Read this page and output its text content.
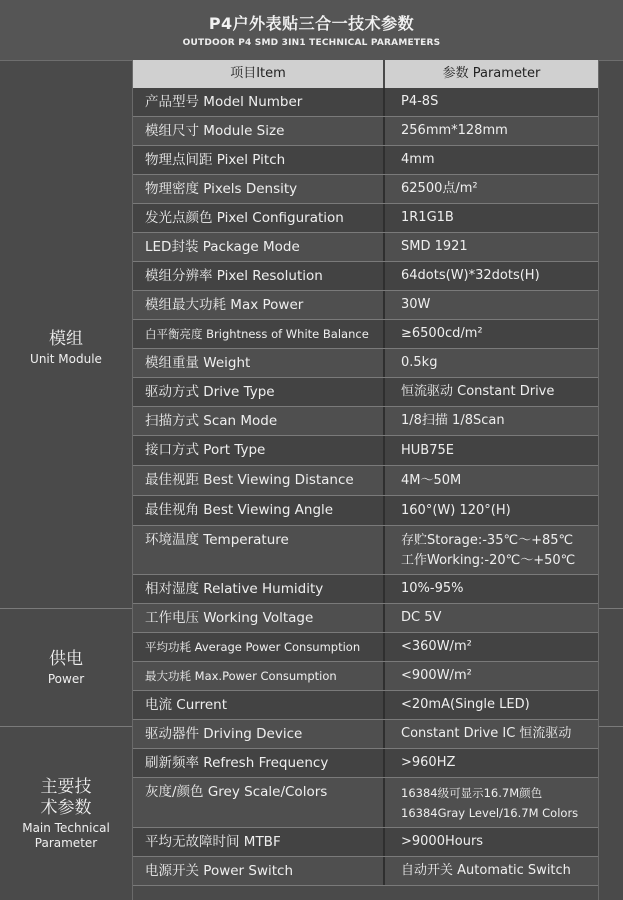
P4户外表贴三合一技术参数
OUTDOOR P4 SMD 3IN1 TECHNICAL PARAMETERS
项目Item	参数 Parameter
模组
Unit Module
供电
Power
主要技
术参数
Main Technical
Parameter
产品型号 Model Number	P4-8S
模组尺寸 Module Size	256mm*128mm
物理点间距 Pixel Pitch	4mm
物理密度 Pixels Density	62500点/m²
发光点颜色 Pixel Configuration	1R1G1B
LED封装 Package Mode	SMD 1921
模组分辨率 Pixel Resolution	64dots(W)*32dots(H)
模组最大功耗 Max Power	30W
白平衡亮度 Brightness of White Balance	≥6500cd/m²
模组重量 Weight	0.5kg
驱动方式 Drive Type	恒流驱动 Constant Drive
扫描方式 Scan Mode	1/8扫描 1/8Scan
接口方式 Port Type	HUB75E
最佳视距 Best Viewing Distance	4M～50M
最佳视角 Best Viewing Angle	160°(W) 120°(H)
环境温度 Temperature	存贮Storage:-35℃～+85℃
工作Working:-20℃～+50℃
相对湿度 Relative Humidity	10%-95%
工作电压 Working Voltage	DC 5V
平均功耗 Average Power Consumption	<360W/m²
最大功耗 Max.Power Consumption	<900W/m²
电流 Current	<20mA(Single LED)
驱动器件 Driving Device	Constant Drive IC 恒流驱动
刷新频率 Refresh Frequency	>960HZ
灰度/颜色 Grey Scale/Colors	16384级可显示16.7M颜色
16384Gray Level/16.7M Colors
平均无故障时间 MTBF	>9000Hours
电源开关 Power Switch	自动开关 Automatic Switch
